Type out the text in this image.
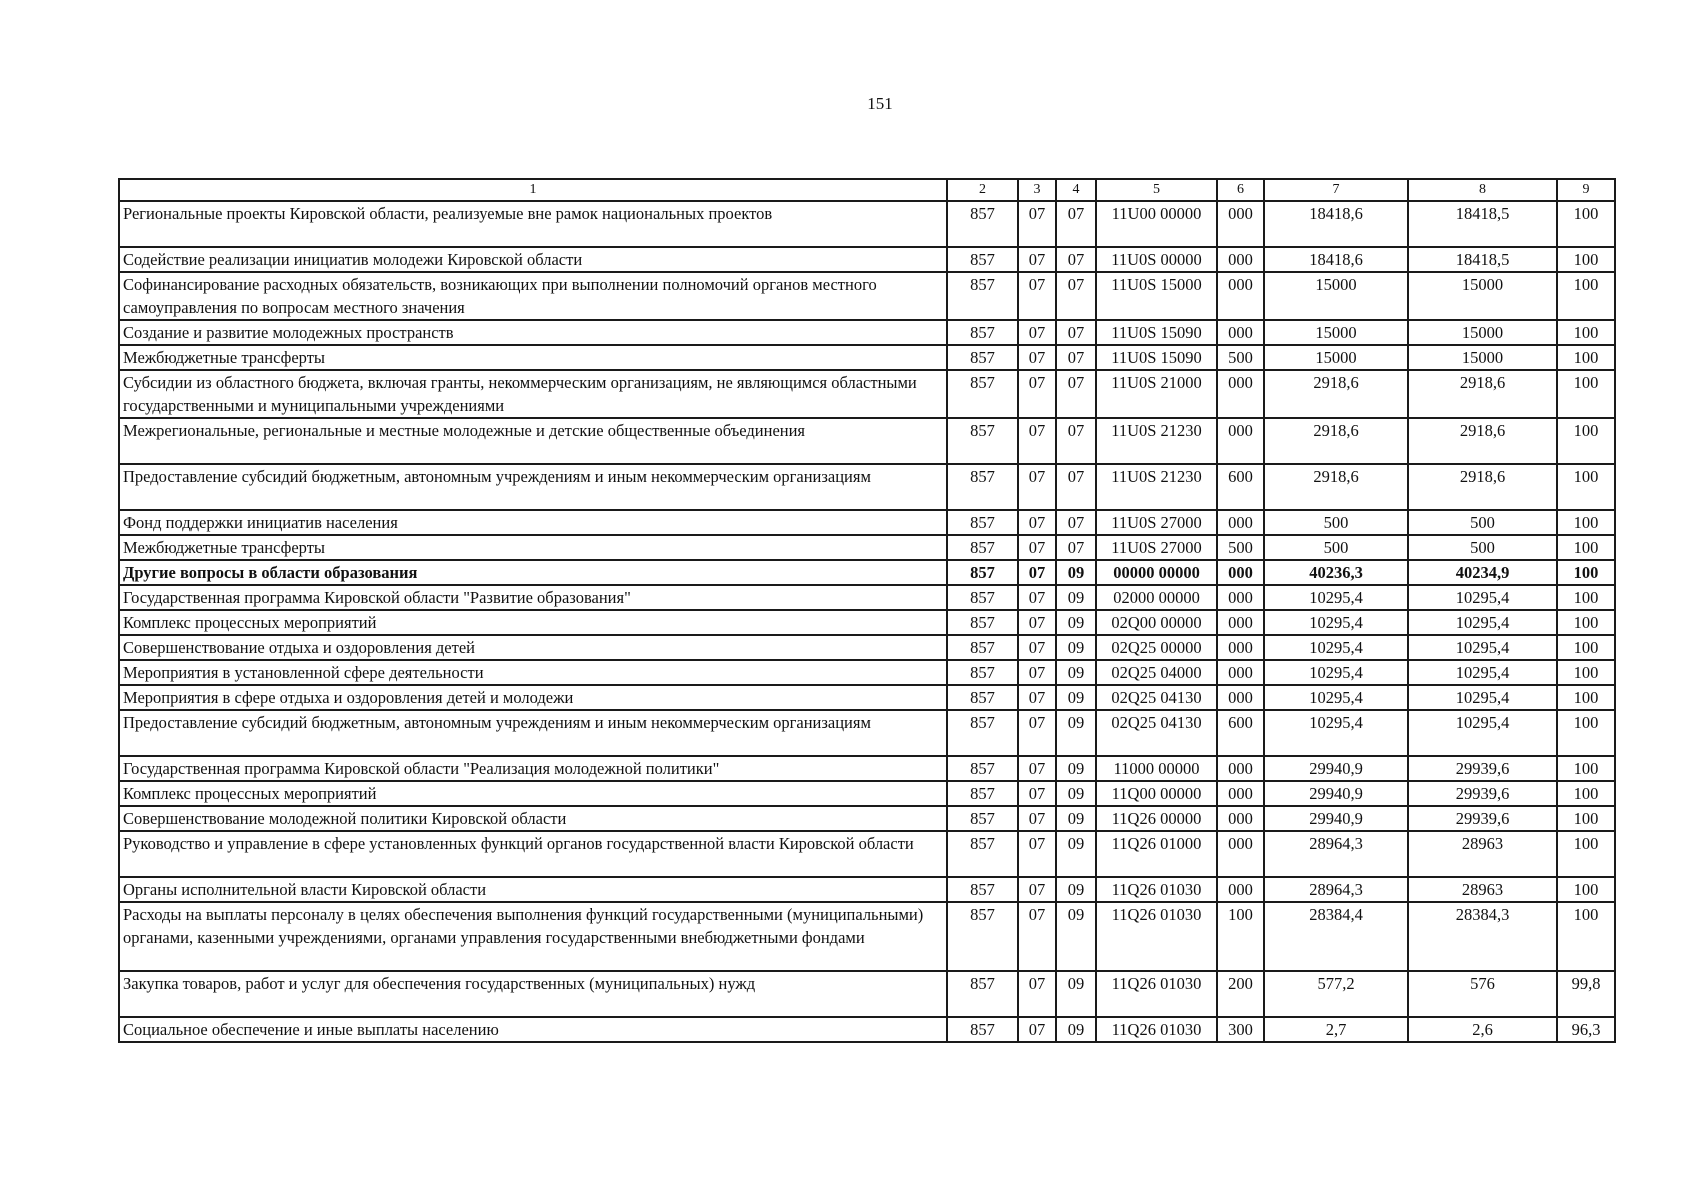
151
1	2	3	4	5	6	7	8	9
Региональные проекты Кировской области, реализуемые вне рамок национальных проектов	857	07	07	11U00 00000	000	18418,6	18418,5	100
Содействие реализации инициатив молодежи Кировской области	857	07	07	11U0S 00000	000	18418,6	18418,5	100
Софинансирование расходных обязательств, возникающих при выполнении полномочий органов местного самоуправления по вопросам местного значения	857	07	07	11U0S 15000	000	15000	15000	100
Создание и развитие молодежных пространств	857	07	07	11U0S 15090	000	15000	15000	100
Межбюджетные трансферты	857	07	07	11U0S 15090	500	15000	15000	100
Субсидии из областного бюджета, включая гранты, некоммерческим организациям, не являющимся областными государственными и муниципальными учреждениями	857	07	07	11U0S 21000	000	2918,6	2918,6	100
Межрегиональные, региональные и местные молодежные и детские общественные объединения	857	07	07	11U0S 21230	000	2918,6	2918,6	100
Предоставление субсидий бюджетным, автономным учреждениям и иным некоммерческим организациям	857	07	07	11U0S 21230	600	2918,6	2918,6	100
Фонд поддержки инициатив населения	857	07	07	11U0S 27000	000	500	500	100
Межбюджетные трансферты	857	07	07	11U0S 27000	500	500	500	100
Другие вопросы в области образования	857	07	09	00000 00000	000	40236,3	40234,9	100
Государственная программа Кировской области "Развитие образования"	857	07	09	02000 00000	000	10295,4	10295,4	100
Комплекс процессных мероприятий	857	07	09	02Q00 00000	000	10295,4	10295,4	100
Совершенствование отдыха и оздоровления детей	857	07	09	02Q25 00000	000	10295,4	10295,4	100
Мероприятия в установленной сфере деятельности	857	07	09	02Q25 04000	000	10295,4	10295,4	100
Мероприятия в сфере отдыха и оздоровления детей и молодежи	857	07	09	02Q25 04130	000	10295,4	10295,4	100
Предоставление субсидий бюджетным, автономным учреждениям и иным некоммерческим организациям	857	07	09	02Q25 04130	600	10295,4	10295,4	100
Государственная программа Кировской области "Реализация молодежной политики"	857	07	09	11000 00000	000	29940,9	29939,6	100
Комплекс процессных мероприятий	857	07	09	11Q00 00000	000	29940,9	29939,6	100
Совершенствование молодежной политики Кировской области	857	07	09	11Q26 00000	000	29940,9	29939,6	100
Руководство и управление в сфере установленных функций органов государственной власти Кировской области	857	07	09	11Q26 01000	000	28964,3	28963	100
Органы исполнительной власти Кировской области	857	07	09	11Q26 01030	000	28964,3	28963	100
Расходы на выплаты персоналу в целях обеспечения выполнения функций государственными (муниципальными) органами, казенными учреждениями, органами управления государственными внебюджетными фондами	857	07	09	11Q26 01030	100	28384,4	28384,3	100
Закупка товаров, работ и услуг для обеспечения государственных (муниципальных) нужд	857	07	09	11Q26 01030	200	577,2	576	99,8
Социальное обеспечение и иные выплаты населению	857	07	09	11Q26 01030	300	2,7	2,6	96,3
